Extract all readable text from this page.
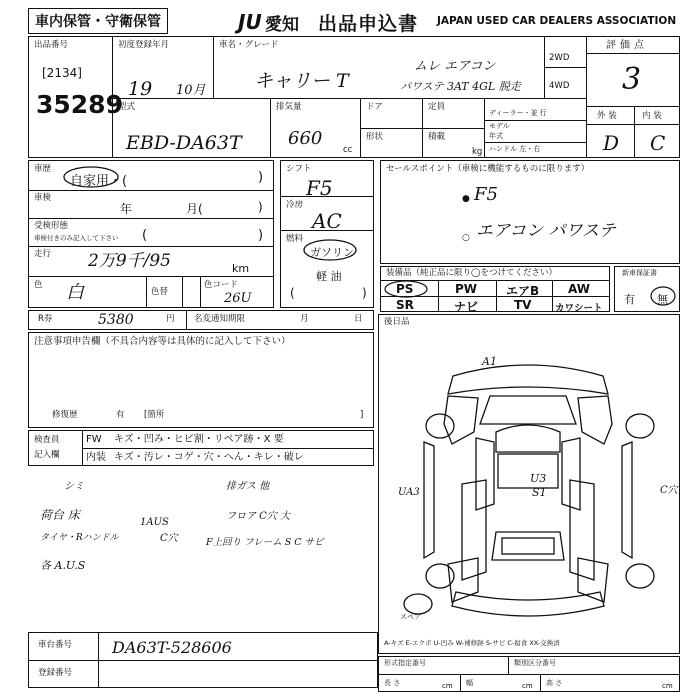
車内保管・守衛保管	JU 愛知 出品申込書 JAPAN USED CAR DEALERS ASSOCIATION
出品番号
[2134]
35289
初度登録年月
19 10月
車名・グレード
キャリー T
ムレ エアコン
パワステ 3AT 4GL 脱走
2WD
4WD
評価点
3
外 装	内 装
D C
型式
EBD-DA63T
排気量
660
cc
ドア	定員
形状	積載
kg
ディーラー・並 行
モデル
年式
ハンドル 左・右
車歴
自家用・(	)
車検
年	月(	)
受検形態
車検付きのみ記入して下さい (	)
走行 2万9千/95	km
色 白	色替
色コード
26U
シフト
F5
冷房
AC
燃料
ガソリン
軽 油
(	)
セールスポイント（車検に機能するものに限ります）
● F5
○ エアコン パワステ
装備品（純正品に限り◯をつけてください）
PS	PW エアB AW
SR	ナビ	TV カワシート
新車保証書
有 無
R券	5380	円 名変通知期限	月	日
注意事項申告欄（不具合内容等は具体的に記入して下さい）
修復歴	有 [箇所	]
後日品
A1
U3
S1
UA3	C穴
スペア
A-キズ E-エクボ U-凹み W-補修跡 S-サビ C-腐食 XX-交換済
検査員
記入欄
FW キズ・凹み・ヒビ割・リペア跡・X 要
内装 キズ・汚レ・コゲ・穴・へん・キレ・破レ
シミ
荷台 床
タイヤ・Rハンドル
各 A.U.S
1AUS
C穴
排ガス 他
フロア C穴 大
F上回り フレーム S C サビ
車台番号 DA63T-528606
登録番号
形式指定番号	類別区分番号
長 さ	cm 幅	cm 高 さ	cm
